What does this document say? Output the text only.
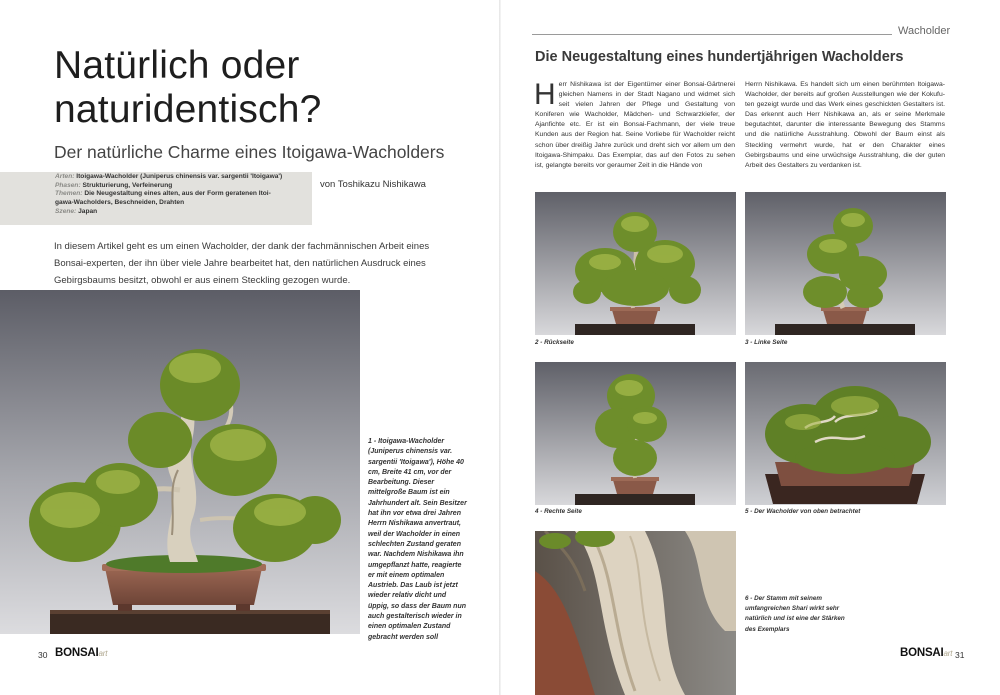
Natürlich oder
naturidentisch?
Der natürliche Charme eines Itoigawa-Wacholders
Arten: Itoigawa-Wacholder (Juniperus chinensis var. sargentii 'Itoigawa')
Phasen: Strukturierung, Verfeinerung
Themen: Die Neugestaltung eines alten, aus der Form geratenen Itoi-
gawa-Wacholders, Beschneiden, Drahten
Szene: Japan
von Toshikazu Nishikawa

In diesem Artikel geht es um einen Wacholder, der dank der fachmännischen Arbeit eines Bonsai-experten, der ihn über viele Jahre bearbeitet hat, den natürlichen Ausdruck eines Gebirgsbaums besitzt, obwohl er aus einem Steckling gezogen wurde.

1 - Itoigawa-Wacholder (Juniperus chinensis var. sargentii 'Itoigawa'), Höhe 40 cm, Breite 41 cm, vor der Bearbeitung. Dieser mittelgroße Baum ist ein Jahrhundert alt. Sein Besitzer hat ihn vor etwa drei Jahren Herrn Nishikawa anvertraut, weil der Wacholder in einen schlechten Zustand geraten war. Nachdem Nishikawa ihn umgepflanzt hatte, reagierte er mit einem optimalen Austrieb. Das Laub ist jetzt wieder relativ dicht und üppig, so dass der Baum nun auch gestalterisch wieder in einen optimalen Zustand gebracht werden soll

30 BONSAIart
Wacholder
Die Neugestaltung eines hundertjährigen Wacholders
Herr Nishikawa ist der Eigentümer einer Bonsai-Gärtnerei gleichen Namens in der Stadt Nagano und widmet sich seit vielen Jahren der Pflege und Gestaltung von Koniferen wie Wacholder, Mädchen- und Schwarzkiefer, der Ajanfichte etc. Er ist ein Bonsai-Fachmann, der viele treue Kunden aus der Region hat. Seine Vorliebe für Wacholder reicht schon über dreißig Jahre zurück und dreht sich vor allem um den Itoigawa-Shimpaku. Das Exemplar, das auf den Fotos zu sehen ist, gelangte bereits vor geraumer Zeit in die Hände von
Herrn Nishikawa. Es handelt sich um einen berühmten Itoigawa-Wacholder, der bereits auf großen Ausstellungen wie der Kokufu-ten gezeigt wurde und das Werk eines geschickten Gestalters ist. Das erkennt auch Herr Nishikawa an, als er seine Merkmale begutachtet, darunter die interessante Bewegung des Stamms und die natürliche Ausstrahlung. Obwohl der Baum einst als Steckling vermehrt wurde, hat er den Charakter eines Gebirgsbaums und eine urwüchsige Ausstrahlung, die der guten Arbeit des Gestalters zu verdanken ist.
2 - Rückseite	3 - Linke Seite
4 - Rechte Seite	5 - Der Wacholder von oben betrachtet

6 - Der Stamm mit seinem umfangreichen Shari wirkt sehr natürlich und ist eine der Stärken des Exemplars

BONSAIart 31
